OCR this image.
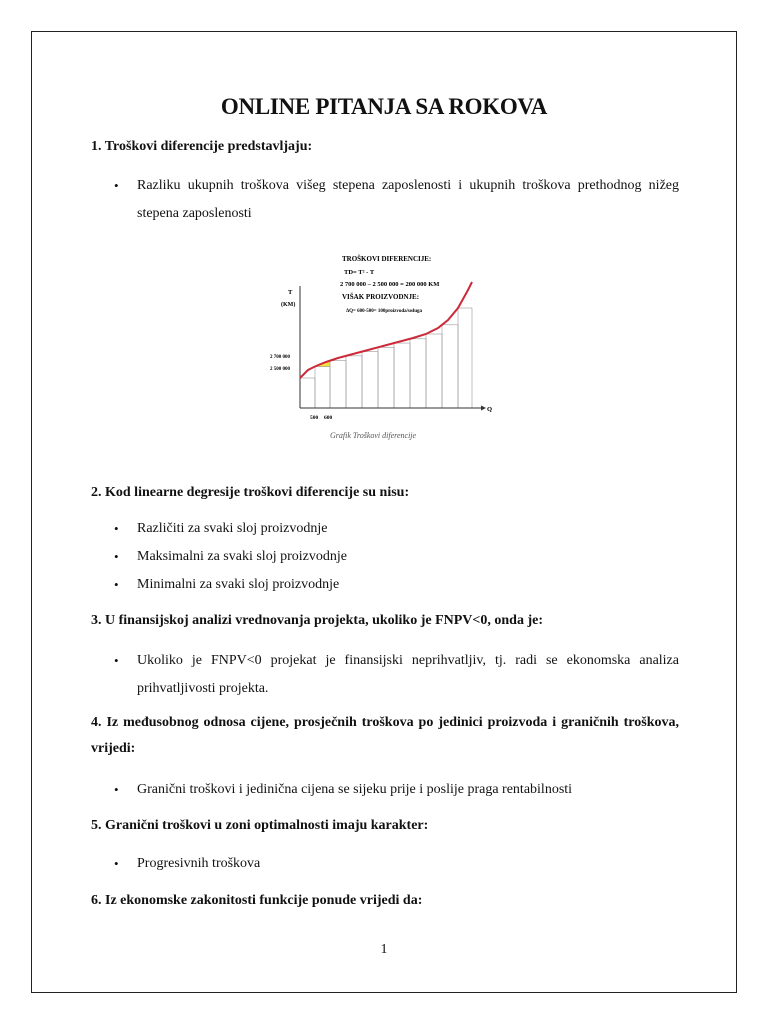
ONLINE PITANJA SA ROKOVA

1. Troškovi diferencije predstavljaju:

• Razliku ukupnih troškova višeg stepena zaposlenosti i ukupnih troškova prethodnog nižeg stepena zaposlenosti
TROŠKOVI DIFERENCIJE:
TD= T² - T
2 700 000 – 2 500 000 = 200 000 KM
VIŠAK PROIZVODNJE:
ΔQ= 600-500= 100proizvoda/usluga
T
(KM)
Q
2 700 000
2 500 000
500 600
Grafik Troškovi diferencije

2. Kod linearne degresije troškovi diferencije su nisu:

• Različiti za svaki sloj proizvodnje
• Maksimalni za svaki sloj proizvodnje
• Minimalni za svaki sloj proizvodnje

3. U finansijskoj analizi vrednovanja projekta, ukoliko je FNPV<0, onda je:

• Ukoliko je FNPV<0 projekat je finansijski neprihvatljiv, tj. radi se ekonomska analiza prihvatljivosti projekta.

4. Iz međusobnog odnosa cijene, prosječnih troškova po jedinici proizvoda i graničnih troškova, vrijedi:

• Granični troškovi i jedinična cijena se sijeku prije i poslije praga rentabilnosti

5. Granični troškovi u zoni optimalnosti imaju karakter:

• Progresivnih troškova

6. Iz ekonomske zakonitosti funkcije ponude vrijedi da:

1
